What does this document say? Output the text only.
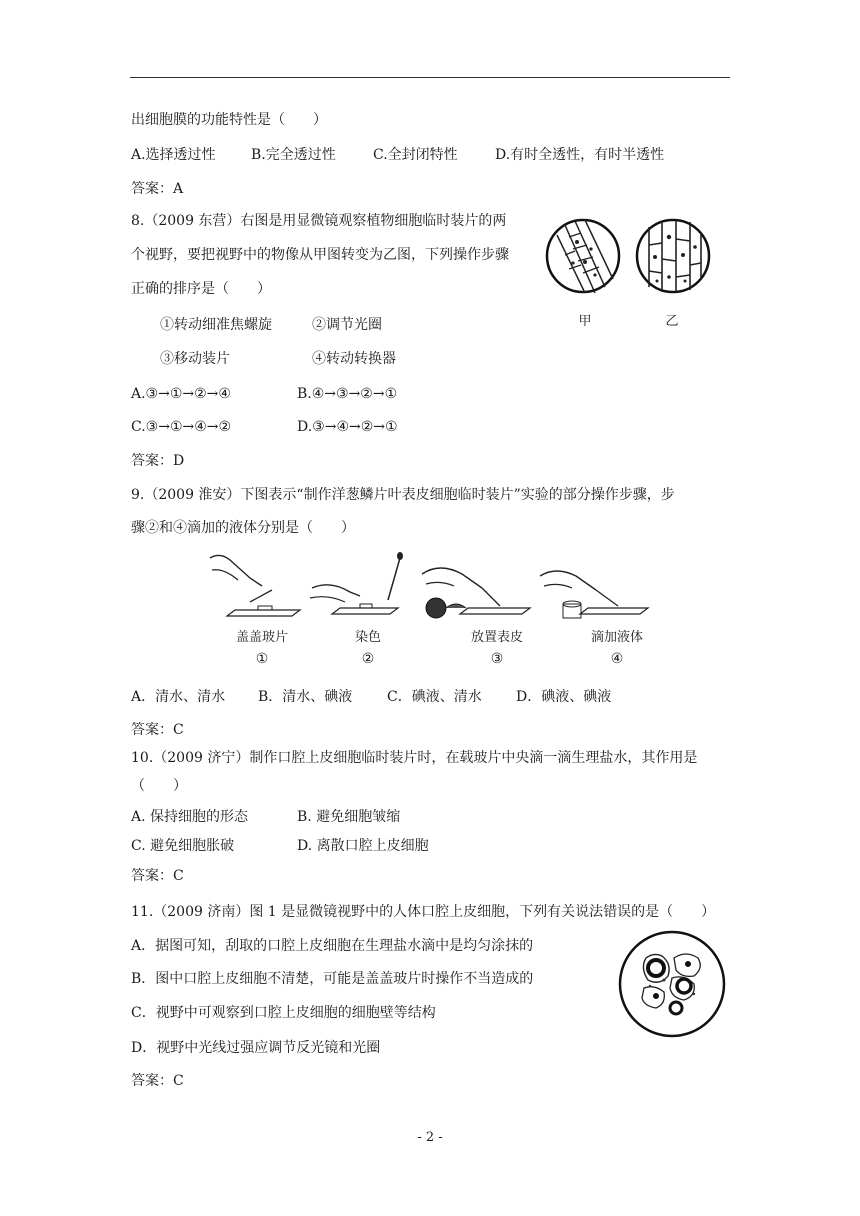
出细胞膜的功能特性是（　　）
A.选择透过性	B.完全透过性	C.全封闭特性	D.有时全透性，有时半透性
答案：A
8.（2009 东营）右图是用显微镜观察植物细胞临时装片的两
个视野，要把视野中的物像从甲图转变为乙图，下列操作步骤
正确的排序是（　　）
①转动细准焦螺旋	②调节光圈
③移动装片	④转动转换器
A.③→①→②→④	B.④→③→②→①
C.③→①→④→②	D.③→④→②→①
答案：D
甲	乙
9.（2009 淮安）下图表示“制作洋葱鳞片叶表皮细胞临时装片”实验的部分操作步骤，步
骤②和④滴加的液体分别是（　　）
盖盖玻片	染色	放置表皮	滴加液体
①	②	③	④
A．清水、清水 B．清水、碘液 C．碘液、清水 D．碘液、碘液
答案：C
10.（2009 济宁）制作口腔上皮细胞临时装片时，在载玻片中央滴一滴生理盐水，其作用是
（　　）
A. 保持细胞的形态	B. 避免细胞皱缩
C. 避免细胞胀破	D. 离散口腔上皮细胞
答案：C
11.（2009 济南）图 1 是显微镜视野中的人体口腔上皮细胞，下列有关说法错误的是（　　）
A．据图可知，刮取的口腔上皮细胞在生理盐水滴中是均匀涂抹的
B．图中口腔上皮细胞不清楚，可能是盖盖玻片时操作不当造成的
C．视野中可观察到口腔上皮细胞的细胞壁等结构
D．视野中光线过强应调节反光镜和光圈
答案：C
- 2 -
